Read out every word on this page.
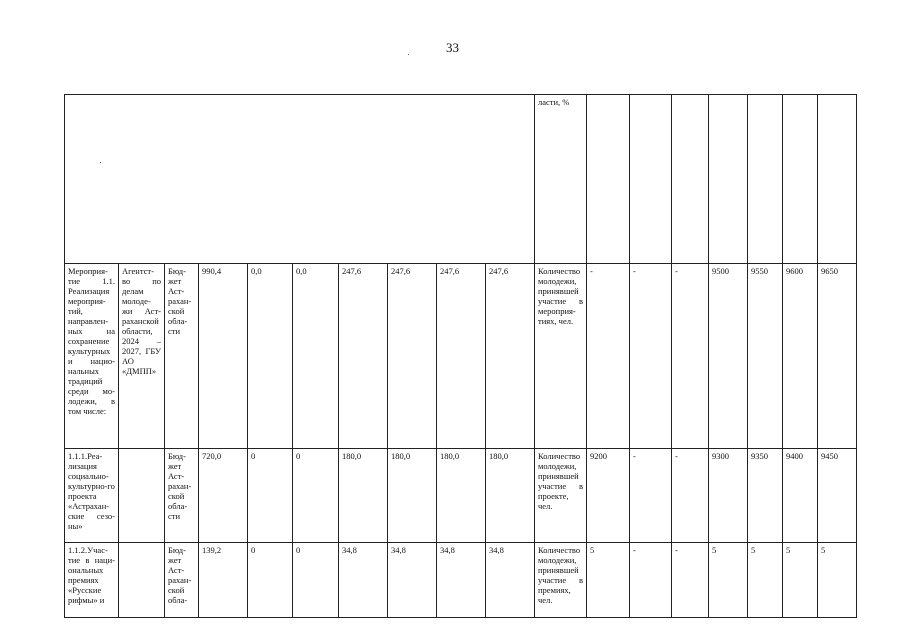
33
										ласти, %							
Мероприя-тие 1.1. Реализация мероприя-тий, направлен-ных на сохранение культурных и нацио-нальных традиций среди мо-лодежи, в том числе:	Агентст-во по делам молоде-жи Аст-раханской области, 2024 – 2027, ГБУ АО «ДМПП»	Бюд-жет Аст-рахан-ской обла-сти	990,4	0,0	0,0	247,6	247,6	247,6	247,6	Количество молодежи, принявшей участие в мероприя-тиях, чел.	-	-	-	9500	9550	9600	9650
1.1.1.Реа-лизация социально-культурно-го проекта «Астрахан-ские сезо-ны»		Бюд-жет Аст-рахан-ской обла-сти	720,0	0	0	180,0	180,0	180,0	180,0	Количество молодежи, принявшей участие в проекте, чел.	9200	-	-	9300	9350	9400	9450
1.1.2.Учас-тие в наци-ональных премиях «Русские рифмы» и		Бюд-жет Аст-рахан-ской обла-	139,2	0	0	34,8	34,8	34,8	34,8	Количество молодежи, принявшей участие в премиях, чел.	5	-	-	5	5	5	5
